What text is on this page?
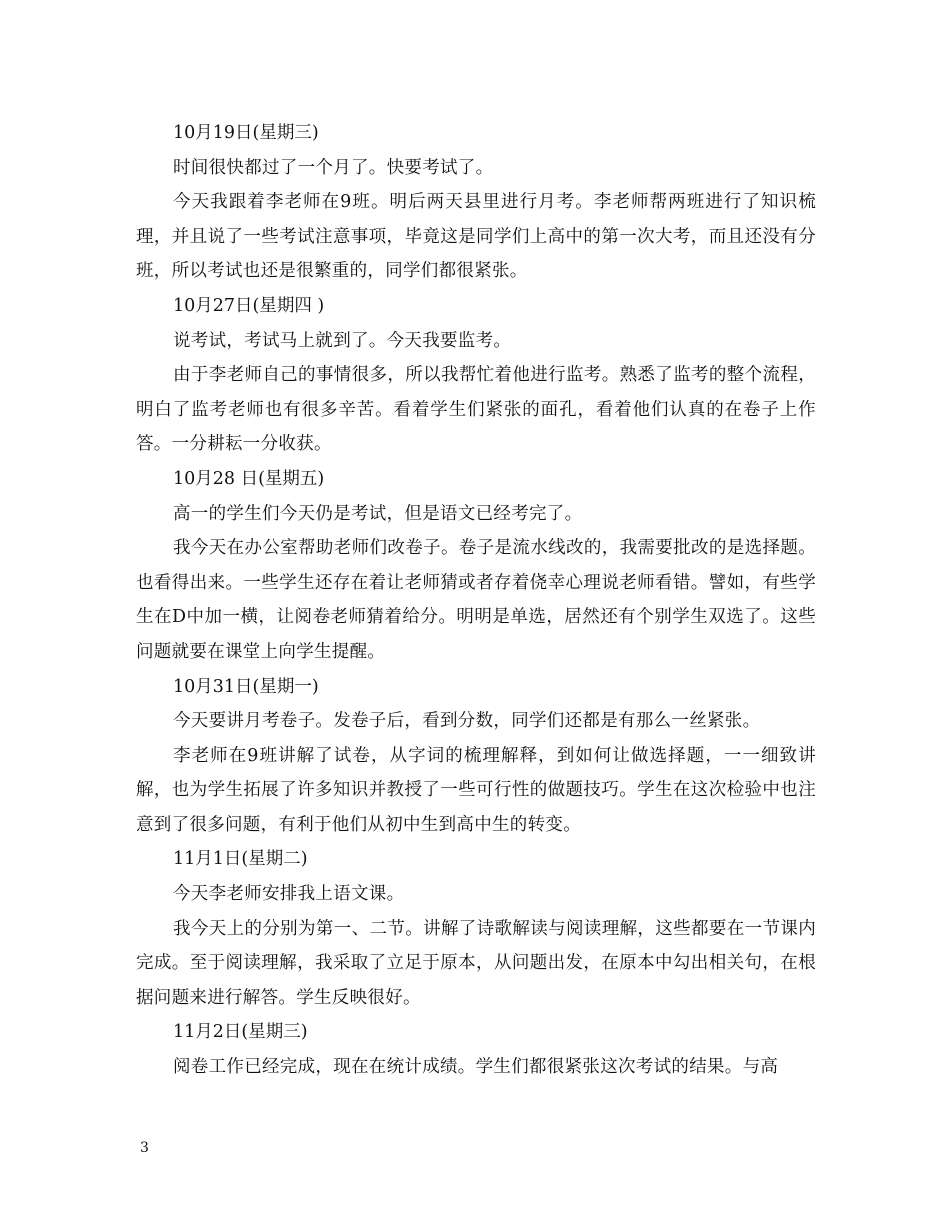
10月19日(星期三)

时间很快都过了一个月了。快要考试了。

今天我跟着李老师在9班。明后两天县里进行月考。李老师帮两班进行了知识梳理，并且说了一些考试注意事项，毕竟这是同学们上高中的第一次大考，而且还没有分班，所以考试也还是很繁重的，同学们都很紧张。

10月27日(星期四 )

说考试，考试马上就到了。今天我要监考。

由于李老师自己的事情很多，所以我帮忙着他进行监考。熟悉了监考的整个流程，明白了监考老师也有很多辛苦。看着学生们紧张的面孔，看着他们认真的在卷子上作答。一分耕耘一分收获。

10月28 日(星期五)

高一的学生们今天仍是考试，但是语文已经考完了。

我今天在办公室帮助老师们改卷子。卷子是流水线改的，我需要批改的是选择题。也看得出来。一些学生还存在着让老师猜或者存着侥幸心理说老师看错。譬如，有些学生在D中加一横，让阅卷老师猜着给分。明明是单选，居然还有个别学生双选了。这些问题就要在课堂上向学生提醒。

10月31日(星期一)

今天要讲月考卷子。发卷子后，看到分数，同学们还都是有那么一丝紧张。

李老师在9班讲解了试卷，从字词的梳理解释，到如何让做选择题，一一细致讲解，也为学生拓展了许多知识并教授了一些可行性的做题技巧。学生在这次检验中也注意到了很多问题，有利于他们从初中生到高中生的转变。

11月1日(星期二)

今天李老师安排我上语文课。

我今天上的分别为第一、二节。讲解了诗歌解读与阅读理解，这些都要在一节课内完成。至于阅读理解，我采取了立足于原本，从问题出发，在原本中勾出相关句，在根据问题来进行解答。学生反映很好。

11月2日(星期三)

阅卷工作已经完成，现在在统计成绩。学生们都很紧张这次考试的结果。与高

3
